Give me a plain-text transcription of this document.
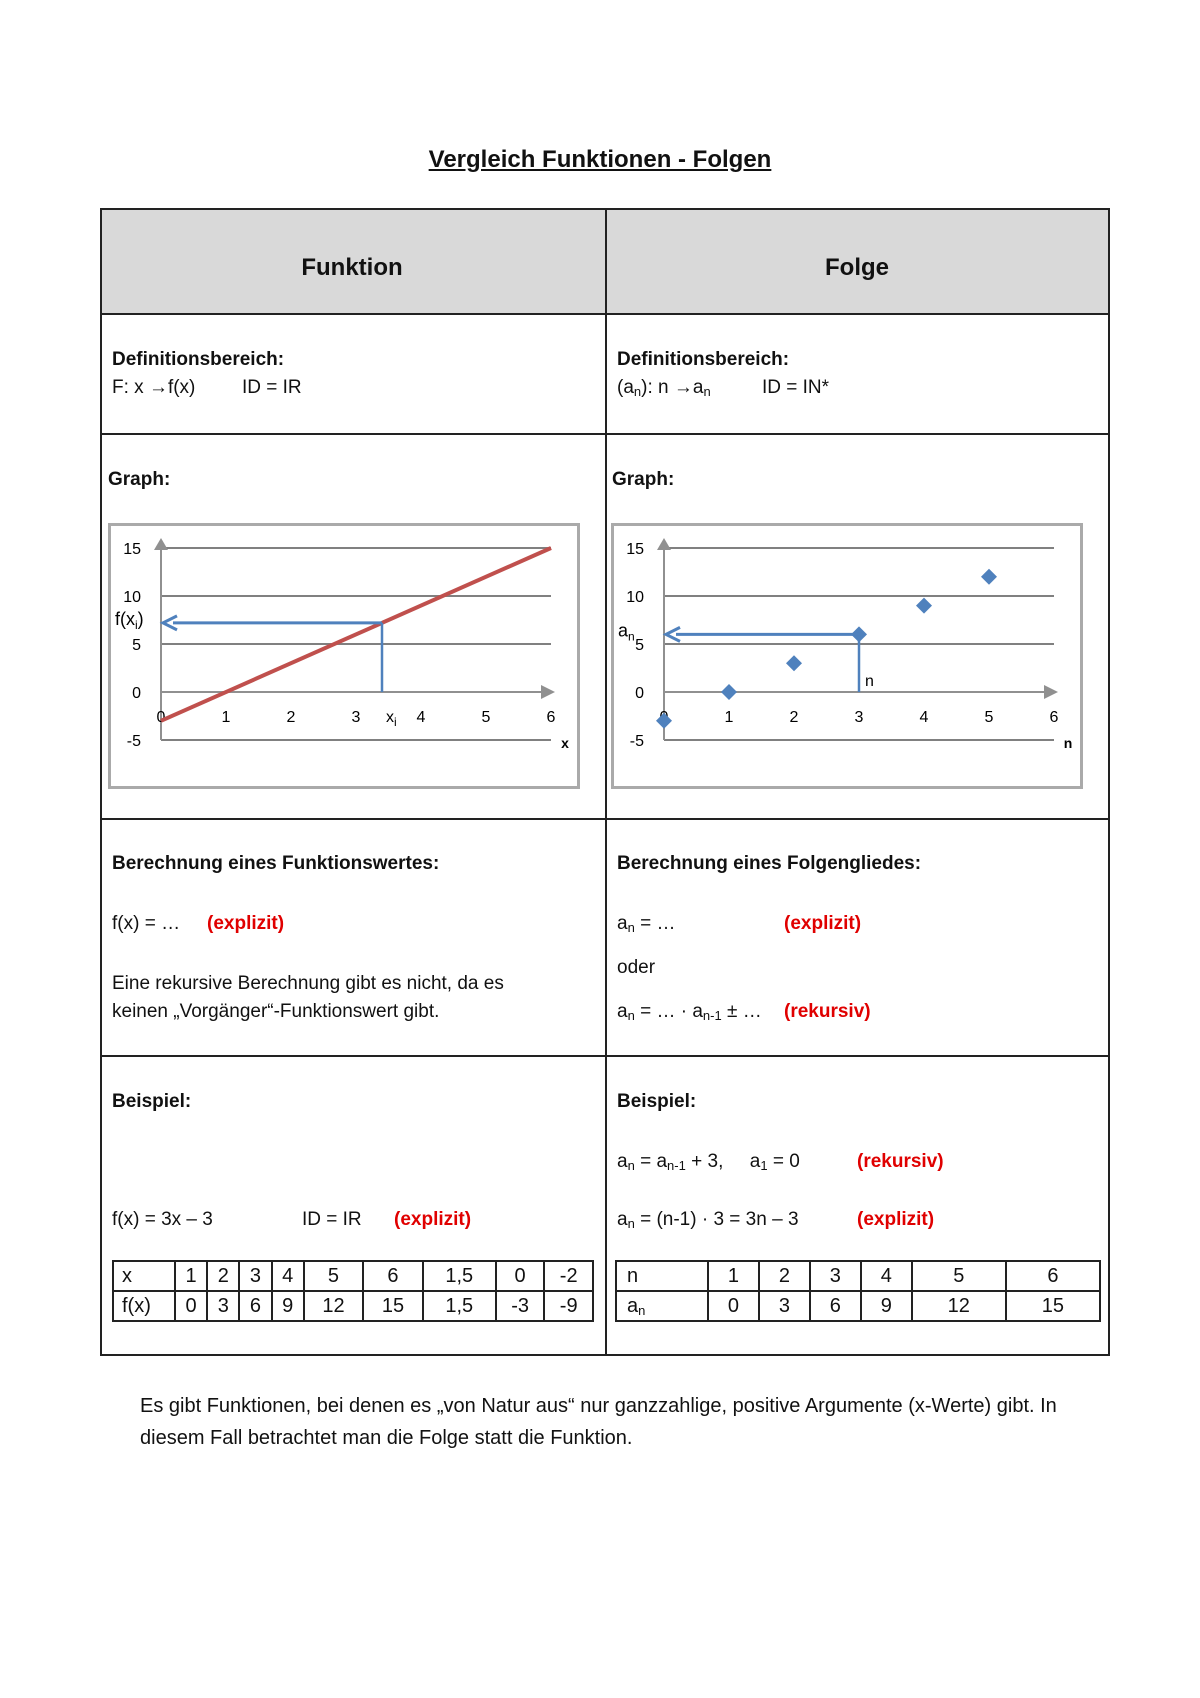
Vergleich Funktionen - Folgen
Funktion	Folge
Definitionsbereich:
F: x →f(x) ID = IR
Definitionsbereich:
$(a_n)$: $n \to a_n$	ID = IN*
Graph:	Graph:
15
10
5
0
-5
0	1	2	3	4	5	6
x
$f(x_i)$
$x_i$
15
10
5
0
-5
1	2	3	4	5	6
n
$a_n$
n
Berechnung eines Funktionswertes:
f(x) = … (explizit)
Eine rekursive Berechnung gibt es nicht, da es
keinen „Vorgänger“-Funktionswert gibt.
Berechnung eines Folgengliedes:
$a_n$ = …	(explizit)
oder
$a_n$ = … · $a_{n-1}$ ± … (rekursiv)
Beispiel:
f(x) = 3x – 3	ID = IR (explizit)
Beispiel:
$a_n = a_{n-1} + 3$,     $a_1 = 0$	(rekursiv)
$a_n = (n-1) \cdot 3 = 3n - 3$	(explizit)
x	1	2	3	4	5	6	1,5	0	-2
f(x)	0	3	6	9	12	15	1,5	-3	-9
n	1	2	3	4	5	6
$a_n$	0	3	6	9	12	15
Es gibt Funktionen, bei denen es „von Natur aus“ nur ganzzahlige, positive Argumente (x-Werte) gibt. In diesem Fall betrachtet man die Folge statt die Funktion.
